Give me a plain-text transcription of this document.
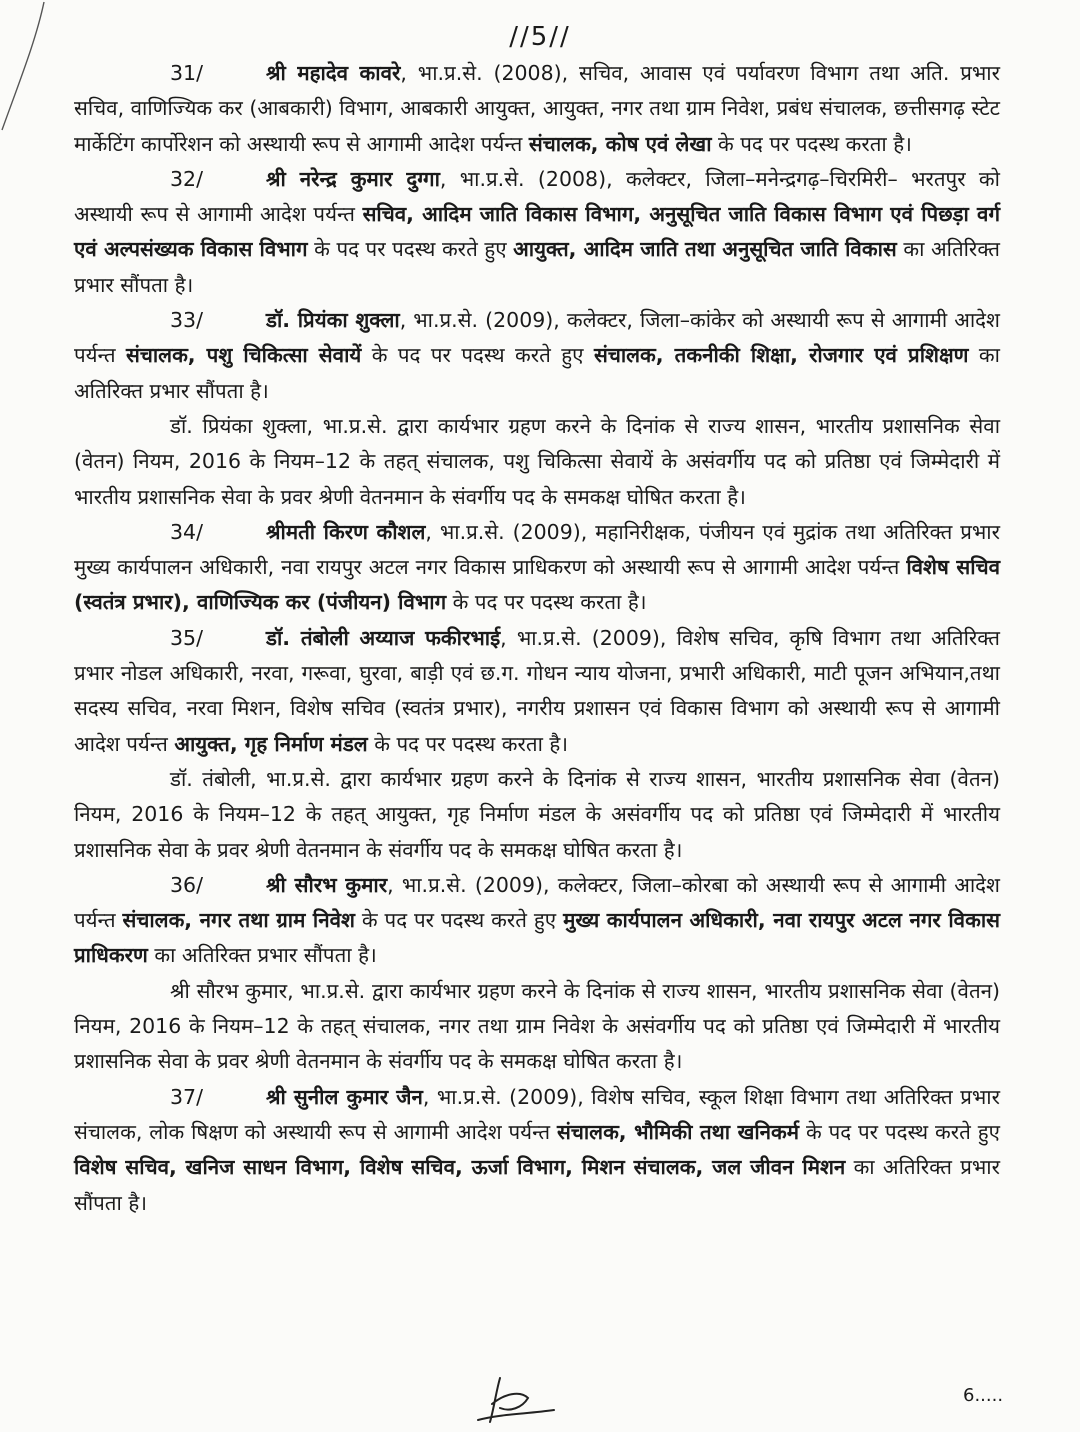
//5//

31/	श्री महादेव कावरे, भा.प्र.से. (2008), सचिव, आवास एवं पर्यावरण विभाग तथा अति. प्रभार सचिव, वाणिज्यिक कर (आबकारी) विभाग, आबकारी आयुक्त, आयुक्त, नगर तथा ग्राम निवेश, प्रबंध संचालक, छत्तीसगढ़ स्टेट मार्केटिंग कार्पोरेशन को अस्थायी रूप से आगामी आदेश पर्यन्त संचालक, कोष एवं लेखा के पद पर पदस्थ करता है।

32/	श्री नरेन्द्र कुमार दुग्गा, भा.प्र.से. (2008), कलेक्टर, जिला–मनेन्द्रगढ़–चिरमिरी– भरतपुर को अस्थायी रूप से आगामी आदेश पर्यन्त सचिव, आदिम जाति विकास विभाग, अनुसूचित जाति विकास विभाग एवं पिछड़ा वर्ग एवं अल्पसंख्यक विकास विभाग के पद पर पदस्थ करते हुए आयुक्त, आदिम जाति तथा अनुसूचित जाति विकास का अतिरिक्त प्रभार सौंपता है।

33/	डॉ. प्रियंका शुक्ला, भा.प्र.से. (2009), कलेक्टर, जिला–कांकेर को अस्थायी रूप से आगामी आदेश पर्यन्त संचालक, पशु चिकित्सा सेवायें के पद पर पदस्थ करते हुए संचालक, तकनीकी शिक्षा, रोजगार एवं प्रशिक्षण का अतिरिक्त प्रभार सौंपता है।

डॉ. प्रियंका शुक्ला, भा.प्र.से. द्वारा कार्यभार ग्रहण करने के दिनांक से राज्य शासन, भारतीय प्रशासनिक सेवा (वेतन) नियम, 2016 के नियम–12 के तहत् संचालक, पशु चिकित्सा सेवायें के असंवर्गीय पद को प्रतिष्ठा एवं जिम्मेदारी में भारतीय प्रशासनिक सेवा के प्रवर श्रेणी वेतनमान के संवर्गीय पद के समकक्ष घोषित करता है।

34/	श्रीमती किरण कौशल, भा.प्र.से. (2009), महानिरीक्षक, पंजीयन एवं मुद्रांक तथा अतिरिक्त प्रभार मुख्य कार्यपालन अधिकारी, नवा रायपुर अटल नगर विकास प्राधिकरण को अस्थायी रूप से आगामी आदेश पर्यन्त विशेष सचिव (स्वतंत्र प्रभार), वाणिज्यिक कर (पंजीयन) विभाग के पद पर पदस्थ करता है।

35/	डॉ. तंबोली अय्याज फकीरभाई, भा.प्र.से. (2009), विशेष सचिव, कृषि विभाग तथा अतिरिक्त प्रभार नोडल अधिकारी, नरवा, गरूवा, घुरवा, बाड़ी एवं छ.ग. गोधन न्याय योजना, प्रभारी अधिकारी, माटी पूजन अभियान,तथा सदस्य सचिव, नरवा मिशन, विशेष सचिव (स्वतंत्र प्रभार), नगरीय प्रशासन एवं विकास विभाग को अस्थायी रूप से आगामी आदेश पर्यन्त आयुक्त, गृह निर्माण मंडल के पद पर पदस्थ करता है।

डॉ. तंबोली, भा.प्र.से. द्वारा कार्यभार ग्रहण करने के दिनांक से राज्य शासन, भारतीय प्रशासनिक सेवा (वेतन) नियम, 2016 के नियम–12 के तहत् आयुक्त, गृह निर्माण मंडल के असंवर्गीय पद को प्रतिष्ठा एवं जिम्मेदारी में भारतीय प्रशासनिक सेवा के प्रवर श्रेणी वेतनमान के संवर्गीय पद के समकक्ष घोषित करता है।

36/	श्री सौरभ कुमार, भा.प्र.से. (2009), कलेक्टर, जिला–कोरबा को अस्थायी रूप से आगामी आदेश पर्यन्त संचालक, नगर तथा ग्राम निवेश के पद पर पदस्थ करते हुए मुख्य कार्यपालन अधिकारी, नवा रायपुर अटल नगर विकास प्राधिकरण का अतिरिक्त प्रभार सौंपता है।

श्री सौरभ कुमार, भा.प्र.से. द्वारा कार्यभार ग्रहण करने के दिनांक से राज्य शासन, भारतीय प्रशासनिक सेवा (वेतन) नियम, 2016 के नियम–12 के तहत् संचालक, नगर तथा ग्राम निवेश के असंवर्गीय पद को प्रतिष्ठा एवं जिम्मेदारी में भारतीय प्रशासनिक सेवा के प्रवर श्रेणी वेतनमान के संवर्गीय पद के समकक्ष घोषित करता है।

37/	श्री सुनील कुमार जैन, भा.प्र.से. (2009), विशेष सचिव, स्कूल शिक्षा विभाग तथा अतिरिक्त प्रभार संचालक, लोक षिक्षण को अस्थायी रूप से आगामी आदेश पर्यन्त संचालक, भौमिकी तथा खनिकर्म के पद पर पदस्थ करते हुए विशेष सचिव, खनिज साधन विभाग, विशेष सचिव, ऊर्जा विभाग, मिशन संचालक, जल जीवन मिशन का अतिरिक्त प्रभार सौंपता है।

6.....
